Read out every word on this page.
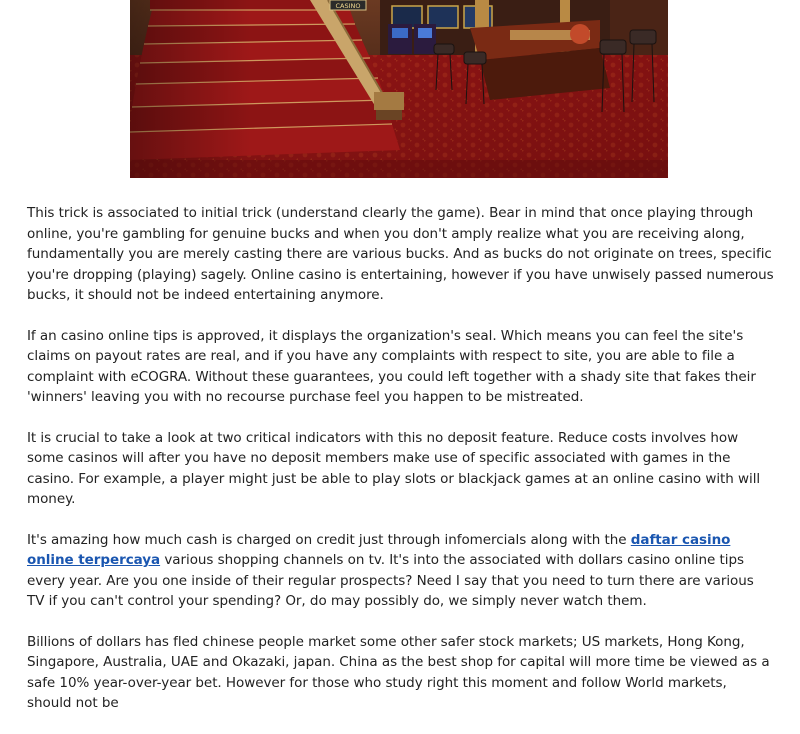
CASINO

This trick is associated to initial trick (understand clearly the game). Bear in mind that once playing through online, you're gambling for genuine bucks and when you don't amply realize what you are receiving along, fundamentally you are merely casting there are various bucks. And as bucks do not originate on trees, specific you're dropping (playing) sagely. Online casino is entertaining, however if you have unwisely passed numerous bucks, it should not be indeed entertaining anymore.

If an casino online tips is approved, it displays the organization's seal. Which means you can feel the site's claims on payout rates are real, and if you have any complaints with respect to site, you are able to file a complaint with eCOGRA. Without these guarantees, you could left together with a shady site that fakes their 'winners' leaving you with no recourse purchase feel you happen to be mistreated.

It is crucial to take a look at two critical indicators with this no deposit feature. Reduce costs involves how some casinos will after you have no deposit members make use of specific associated with games in the casino. For example, a player might just be able to play slots or blackjack games at an online casino with will money.

It's amazing how much cash is charged on credit just through infomercials along with the daftar casino online terpercaya various shopping channels on tv. It's into the associated with dollars casino online tips every year. Are you one inside of their regular prospects? Need I say that you need to turn there are various TV if you can't control your spending? Or, do may possibly do, we simply never watch them.

Billions of dollars has fled chinese people market some other safer stock markets; US markets, Hong Kong, Singapore, Australia, UAE and Okazaki, japan. China as the best shop for capital will more time be viewed as a safe 10% year-over-year bet. However for those who study right this moment and follow World markets, should not be
